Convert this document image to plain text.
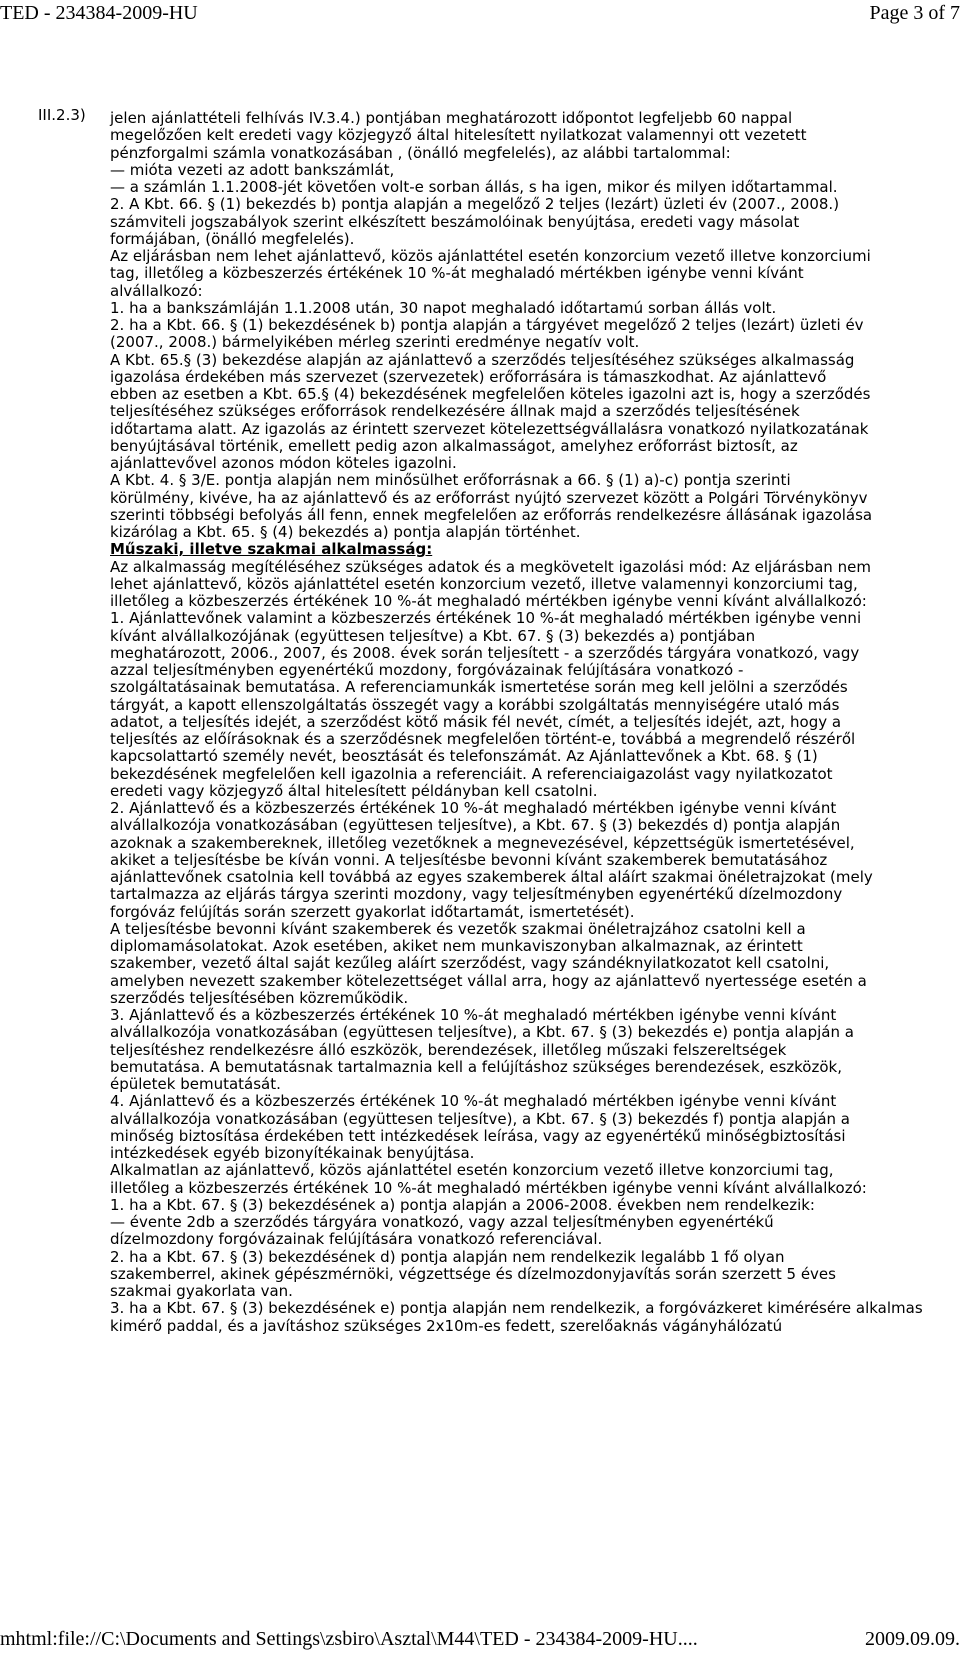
TED - 234384-2009-HU	Page 3 of 7
III.2.3) jelen ajánlattételi felhívás IV.3.4.) pontjában meghatározott időpontot legfeljebb 60 nappal
megelőzően kelt eredeti vagy közjegyző által hitelesített nyilatkozat valamennyi ott vezetett
pénzforgalmi számla vonatkozásában , (önálló megfelelés), az alábbi tartalommal:
— mióta vezeti az adott bankszámlát,
— a számlán 1.1.2008-jét követően volt-e sorban állás, s ha igen, mikor és milyen időtartammal.
2. A Kbt. 66. § (1) bekezdés b) pontja alapján a megelőző 2 teljes (lezárt) üzleti év (2007., 2008.)
számviteli jogszabályok szerint elkészített beszámolóinak benyújtása, eredeti vagy másolat
formájában, (önálló megfelelés).
Az eljárásban nem lehet ajánlattevő, közös ajánlattétel esetén konzorcium vezető illetve konzorciumi
tag, illetőleg a közbeszerzés értékének 10 %-át meghaladó mértékben igénybe venni kívánt
alvállalkozó:
1. ha a bankszámláján 1.1.2008 után, 30 napot meghaladó időtartamú sorban állás volt.
2. ha a Kbt. 66. § (1) bekezdésének b) pontja alapján a tárgyévet megelőző 2 teljes (lezárt) üzleti év
(2007., 2008.) bármelyikében mérleg szerinti eredménye negatív volt.
A Kbt. 65.§ (3) bekezdése alapján az ajánlattevő a szerződés teljesítéséhez szükséges alkalmasság
igazolása érdekében más szervezet (szervezetek) erőforrására is támaszkodhat. Az ajánlattevő
ebben az esetben a Kbt. 65.§ (4) bekezdésének megfelelően köteles igazolni azt is, hogy a szerződés
teljesítéséhez szükséges erőforrások rendelkezésére állnak majd a szerződés teljesítésének
időtartama alatt. Az igazolás az érintett szervezet kötelezettségvállalásra vonatkozó nyilatkozatának
benyújtásával történik, emellett pedig azon alkalmasságot, amelyhez erőforrást biztosít, az
ajánlattevővel azonos módon köteles igazolni.
A Kbt. 4. § 3/E. pontja alapján nem minősülhet erőforrásnak a 66. § (1) a)-c) pontja szerinti
körülmény, kivéve, ha az ajánlattevő és az erőforrást nyújtó szervezet között a Polgári Törvénykönyv
szerinti többségi befolyás áll fenn, ennek megfelelően az erőforrás rendelkezésre állásának igazolása
kizárólag a Kbt. 65. § (4) bekezdés a) pontja alapján történhet.
Műszaki, illetve szakmai alkalmasság:
Az alkalmasság megítéléséhez szükséges adatok és a megkövetelt igazolási mód: Az eljárásban nem
lehet ajánlattevő, közös ajánlattétel esetén konzorcium vezető, illetve valamennyi konzorciumi tag,
illetőleg a közbeszerzés értékének 10 %-át meghaladó mértékben igénybe venni kívánt alvállalkozó:
1. Ajánlattevőnek valamint a közbeszerzés értékének 10 %-át meghaladó mértékben igénybe venni
kívánt alvállalkozójának (együttesen teljesítve) a Kbt. 67. § (3) bekezdés a) pontjában
meghatározott, 2006., 2007, és 2008. évek során teljesített - a szerződés tárgyára vonatkozó, vagy
azzal teljesítményben egyenértékű mozdony, forgóvázainak felújítására vonatkozó -
szolgáltatásainak bemutatása. A referenciamunkák ismertetése során meg kell jelölni a szerződés
tárgyát, a kapott ellenszolgáltatás összegét vagy a korábbi szolgáltatás mennyiségére utaló más
adatot, a teljesítés idejét, a szerződést kötő másik fél nevét, címét, a teljesítés idejét, azt, hogy a
teljesítés az előírásoknak és a szerződésnek megfelelően történt-e, továbbá a megrendelő részéről
kapcsolattartó személy nevét, beosztását és telefonszámát. Az Ajánlattevőnek a Kbt. 68. § (1)
bekezdésének megfelelően kell igazolnia a referenciáit. A referenciaigazolást vagy nyilatkozatot
eredeti vagy közjegyző által hitelesített példányban kell csatolni.
2. Ajánlattevő és a közbeszerzés értékének 10 %-át meghaladó mértékben igénybe venni kívánt
alvállalkozója vonatkozásában (együttesen teljesítve), a Kbt. 67. § (3) bekezdés d) pontja alapján
azoknak a szakembereknek, illetőleg vezetőknek a megnevezésével, képzettségük ismertetésével,
akiket a teljesítésbe be kíván vonni. A teljesítésbe bevonni kívánt szakemberek bemutatásához
ajánlattevőnek csatolnia kell továbbá az egyes szakemberek által aláírt szakmai önéletrajzokat (mely
tartalmazza az eljárás tárgya szerinti mozdony, vagy teljesítményben egyenértékű dízelmozdony
forgóváz felújítás során szerzett gyakorlat időtartamát, ismertetését).
A teljesítésbe bevonni kívánt szakemberek és vezetők szakmai önéletrajzához csatolni kell a
diplomamásolatokat. Azok esetében, akiket nem munkaviszonyban alkalmaznak, az érintett
szakember, vezető által saját kezűleg aláírt szerződést, vagy szándéknyilatkozatot kell csatolni,
amelyben nevezett szakember kötelezettséget vállal arra, hogy az ajánlattevő nyertessége esetén a
szerződés teljesítésében közreműködik.
3. Ajánlattevő és a közbeszerzés értékének 10 %-át meghaladó mértékben igénybe venni kívánt
alvállalkozója vonatkozásában (együttesen teljesítve), a Kbt. 67. § (3) bekezdés e) pontja alapján a
teljesítéshez rendelkezésre álló eszközök, berendezések, illetőleg műszaki felszereltségek
bemutatása. A bemutatásnak tartalmaznia kell a felújításhoz szükséges berendezések, eszközök,
épületek bemutatását.
4. Ajánlattevő és a közbeszerzés értékének 10 %-át meghaladó mértékben igénybe venni kívánt
alvállalkozója vonatkozásában (együttesen teljesítve), a Kbt. 67. § (3) bekezdés f) pontja alapján a
minőség biztosítása érdekében tett intézkedések leírása, vagy az egyenértékű minőségbiztosítási
intézkedések egyéb bizonyítékainak benyújtása.
Alkalmatlan az ajánlattevő, közös ajánlattétel esetén konzorcium vezető illetve konzorciumi tag,
illetőleg a közbeszerzés értékének 10 %-át meghaladó mértékben igénybe venni kívánt alvállalkozó:
1. ha a Kbt. 67. § (3) bekezdésének a) pontja alapján a 2006-2008. években nem rendelkezik:
— évente 2db a szerződés tárgyára vonatkozó, vagy azzal teljesítményben egyenértékű
dízelmozdony forgóvázainak felújítására vonatkozó referenciával.
2. ha a Kbt. 67. § (3) bekezdésének d) pontja alapján nem rendelkezik legalább 1 fő olyan
szakemberrel, akinek gépészmérnöki, végzettsége és dízelmozdonyjavítás során szerzett 5 éves
szakmai gyakorlata van.
3. ha a Kbt. 67. § (3) bekezdésének e) pontja alapján nem rendelkezik, a forgóvázkeret kimérésére alkalmas kimérő paddal, és a javításhoz szükséges 2x10m-es fedett, szerelőaknás vágányhálózatú
mhtml:file://C:\Documents and Settings\zsbiro\Asztal\M44\TED - 234384-2009-HU....	2009.09.09.
